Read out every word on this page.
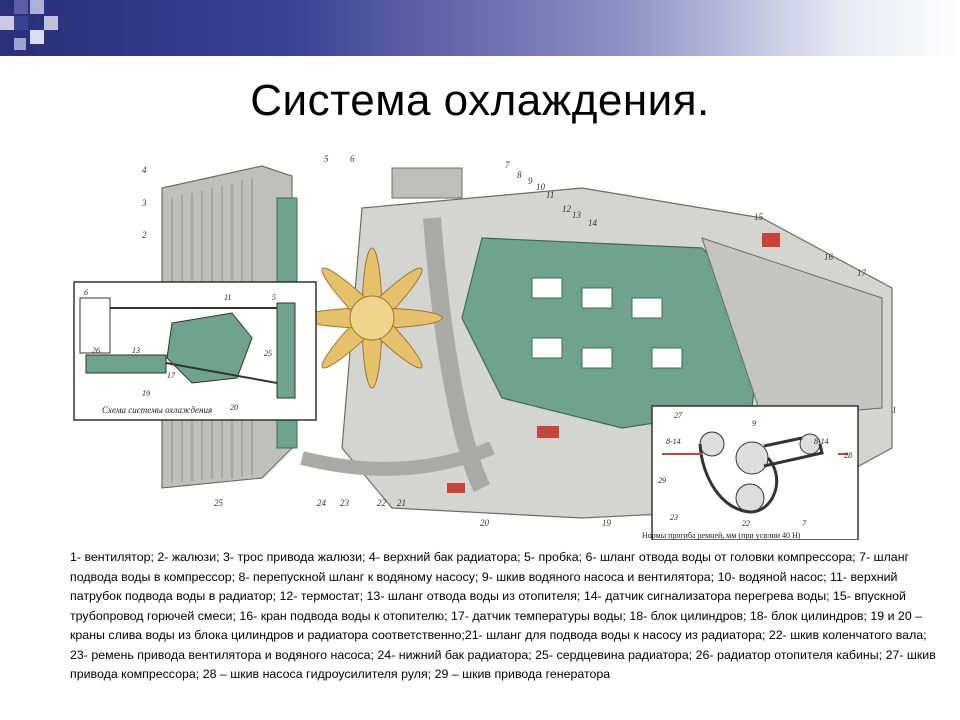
Система охлаждения.
1
2
3
4
5 6
7
8
9
10
11
12
13
14
15
16
17
19
20
21
22
23
24
25
Схема системы охлаждения
6
11	5
26	13	25
19
17
20
27
8-14
9
8-14
28
29
23
22	7
Нормы прогиба ремней, мм (при усилии 40 Н)
1- вентилятор; 2- жалюзи; 3- трос привода жалюзи; 4- верхний бак радиатора; 5- пробка; 6- шланг отвода воды от головки компрессора; 7- шланг подвода воды в компрессор; 8- перепускной шланг к водяному насосу; 9- шкив водяного насоса и вентилятора; 10- водяной насос; 11- верхний патрубок подвода воды в радиатор; 12- термостат; 13- шланг отвода воды из отопителя; 14- датчик сигнализатора перегрева воды; 15- впускной трубопровод горючей смеси; 16- кран подвода воды к отопителю; 17- датчик температуры воды; 18- блок цилиндров; 18- блок цилиндров; 19 и 20 –краны слива воды из блока цилиндров и радиатора соответственно;21- шланг для подвода воды к насосу из радиатора; 22- шкив коленчатого вала; 23- ремень привода вентилятора и водяного насоса; 24- нижний бак радиатора; 25- сердцевина радиатора; 26- радиатор отопителя кабины; 27- шкив привода компрессора; 28 – шкив насоса гидроусилителя руля; 29 – шкив привода генератора
